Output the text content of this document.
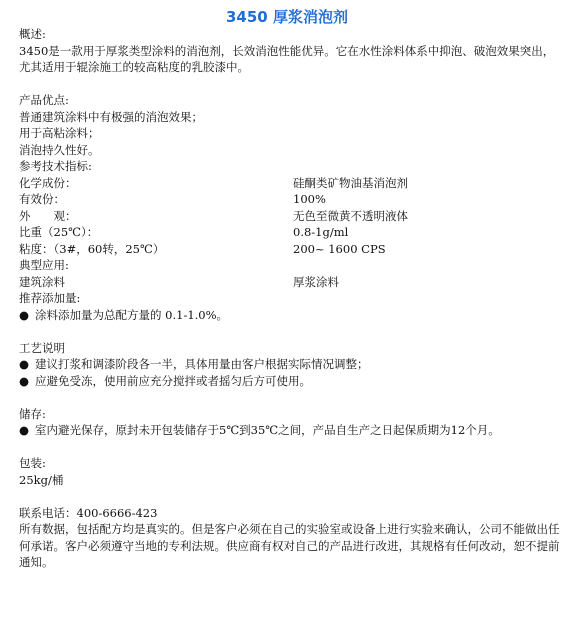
3450 厚浆消泡剂
概述:
3450是一款用于厚浆类型涂料的消泡剂，长效消泡性能优异。它在水性涂料体系中抑泡、破泡效果突出，尤其适用于辊涂施工的较高粘度的乳胶漆中。
产品优点:
普通建筑涂料中有极强的消泡效果；
用于高粘涂料；
消泡持久性好。
参考技术指标:
化学成份：	硅酮类矿物油基消泡剂
有效份：	100%
外　　观：	无色至微黄不透明液体
比重（25℃）：	0.8-1g/ml
粘度：（3#，60转，25℃）	200~ 1600 CPS
典型应用:
建筑涂料	厚浆涂料
推荐添加量:
● 涂料添加量为总配方量的 0.1-1.0%。
工艺说明
● 建议打浆和调漆阶段各一半，具体用量由客户根据实际情况调整；
● 应避免受冻，使用前应充分搅拌或者摇匀后方可使用。
储存:
● 室内避光保存，原封未开包装储存于5℃到35℃之间，产品自生产之日起保质期为12个月。
包装:
25kg/桶
联系电话：400-6666-423
所有数据，包括配方均是真实的。但是客户必须在自己的实验室或设备上进行实验来确认，公司不能做出任何承诺。客户必须遵守当地的专利法规。供应商有权对自己的产品进行改进，其规格有任何改动，恕不提前通知。
